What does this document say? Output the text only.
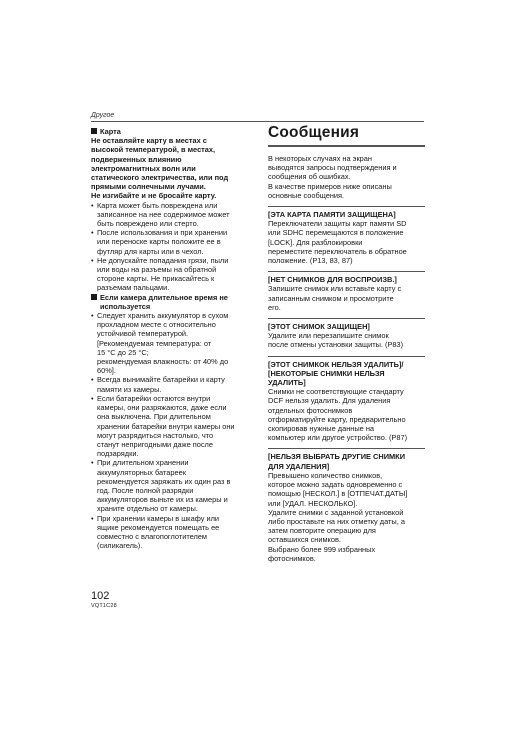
Другое
Карта
Не оставляйте карту в местах с
высокой температурой, в местах,
подверженных влиянию
электромагнитных волн или
статического электричества, или под
прямыми солнечными лучами.
Не изгибайте и не бросайте карту.
• Карта может быть повреждена или
записанное на нее содержимое может
быть повреждено или стерто.
• После использования и при хранении
или переноске карты положите ее в
футляр для карты или в чехол.
• Не допускайте попадания грязи, пыли
или воды на разъемы на обратной
стороне карты. Не прикасайтесь к
разъемам пальцами.
Если камера длительное время не
используется
• Следует хранить аккумулятор в сухом
прохладном месте с относительно
устойчивой температурой.
[Рекомендуемая температура: от
15 °C до 25 °C;
рекомендуемая влажность: от 40% до
60%].
• Всегда вынимайте батарейки и карту
памяти из камеры.
• Если батарейки остаются внутри
камеры, они разряжаются, даже если
она выключена. При длительном
хранении батарейки внутри камеры они
могут разрядиться настолько, что
станут непригодными даже после
подзарядки.
• При длительном хранении
аккумуляторных батареек
рекомендуется заряжать их один раз в
год. После полной разрядки
аккумуляторов выньте их из камеры и
храните отдельно от камеры.
• При хранении камеры в шкафу или
ящике рекомендуется помещать ее
совместно с влагопоглотителем
(силикагель).
Сообщения
В некоторых случаях на экран
выводятся запросы подтверждения и
сообщения об ошибках.
В качестве примеров ниже описаны
основные сообщения.
[ЭТА КАРТА ПАМЯТИ ЗАЩИЩЕНА]
Переключатели защиты карт памяти SD
или SDHC перемещаются в положение
[LOCK]. Для разблокировки
переместите переключатель в обратное
положение. (P13, 83, 87)
[НЕТ СНИМКОВ ДЛЯ ВОСПРОИЗВ.]
Запишите снимок или вставьте карту с
записанным снимком и просмотрите
его.
[ЭТОТ СНИМОК ЗАЩИЩЕН]
Удалите или перезапишите снимок
после отмены установки защиты. (P83)
[ЭТОТ СНИМКОК НЕЛЬЗЯ УДАЛИТЬ]/
[НЕКОТОРЫЕ СНИМКИ НЕЛЬЗЯ
УДАЛИТЬ]
Снимки не соответствующие стандарту
DCF нельзя удалить. Для удаления
отдельных фотоснимков
отформатируйте карту, предварительно
скопировав нужные данные на
компьютер или другое устройство. (P87)
[НЕЛЬЗЯ ВЫБРАТЬ ДРУГИЕ СНИМКИ
ДЛЯ УДАЛЕНИЯ]
Превышено количество снимков,
которое можно задать одновременно с
помощью [НЕСКОЛ.] в [ОТПЕЧАТ.ДАТЫ]
или [УДАЛ. НЕСКОЛЬКО].
Удалите снимки с заданной установкой
либо проставьте на них отметку даты, а
затем повторите операцию для
оставшихся снимков.
Выбрано более 999 избранных
фотоснимков.
102
VQT1C28
